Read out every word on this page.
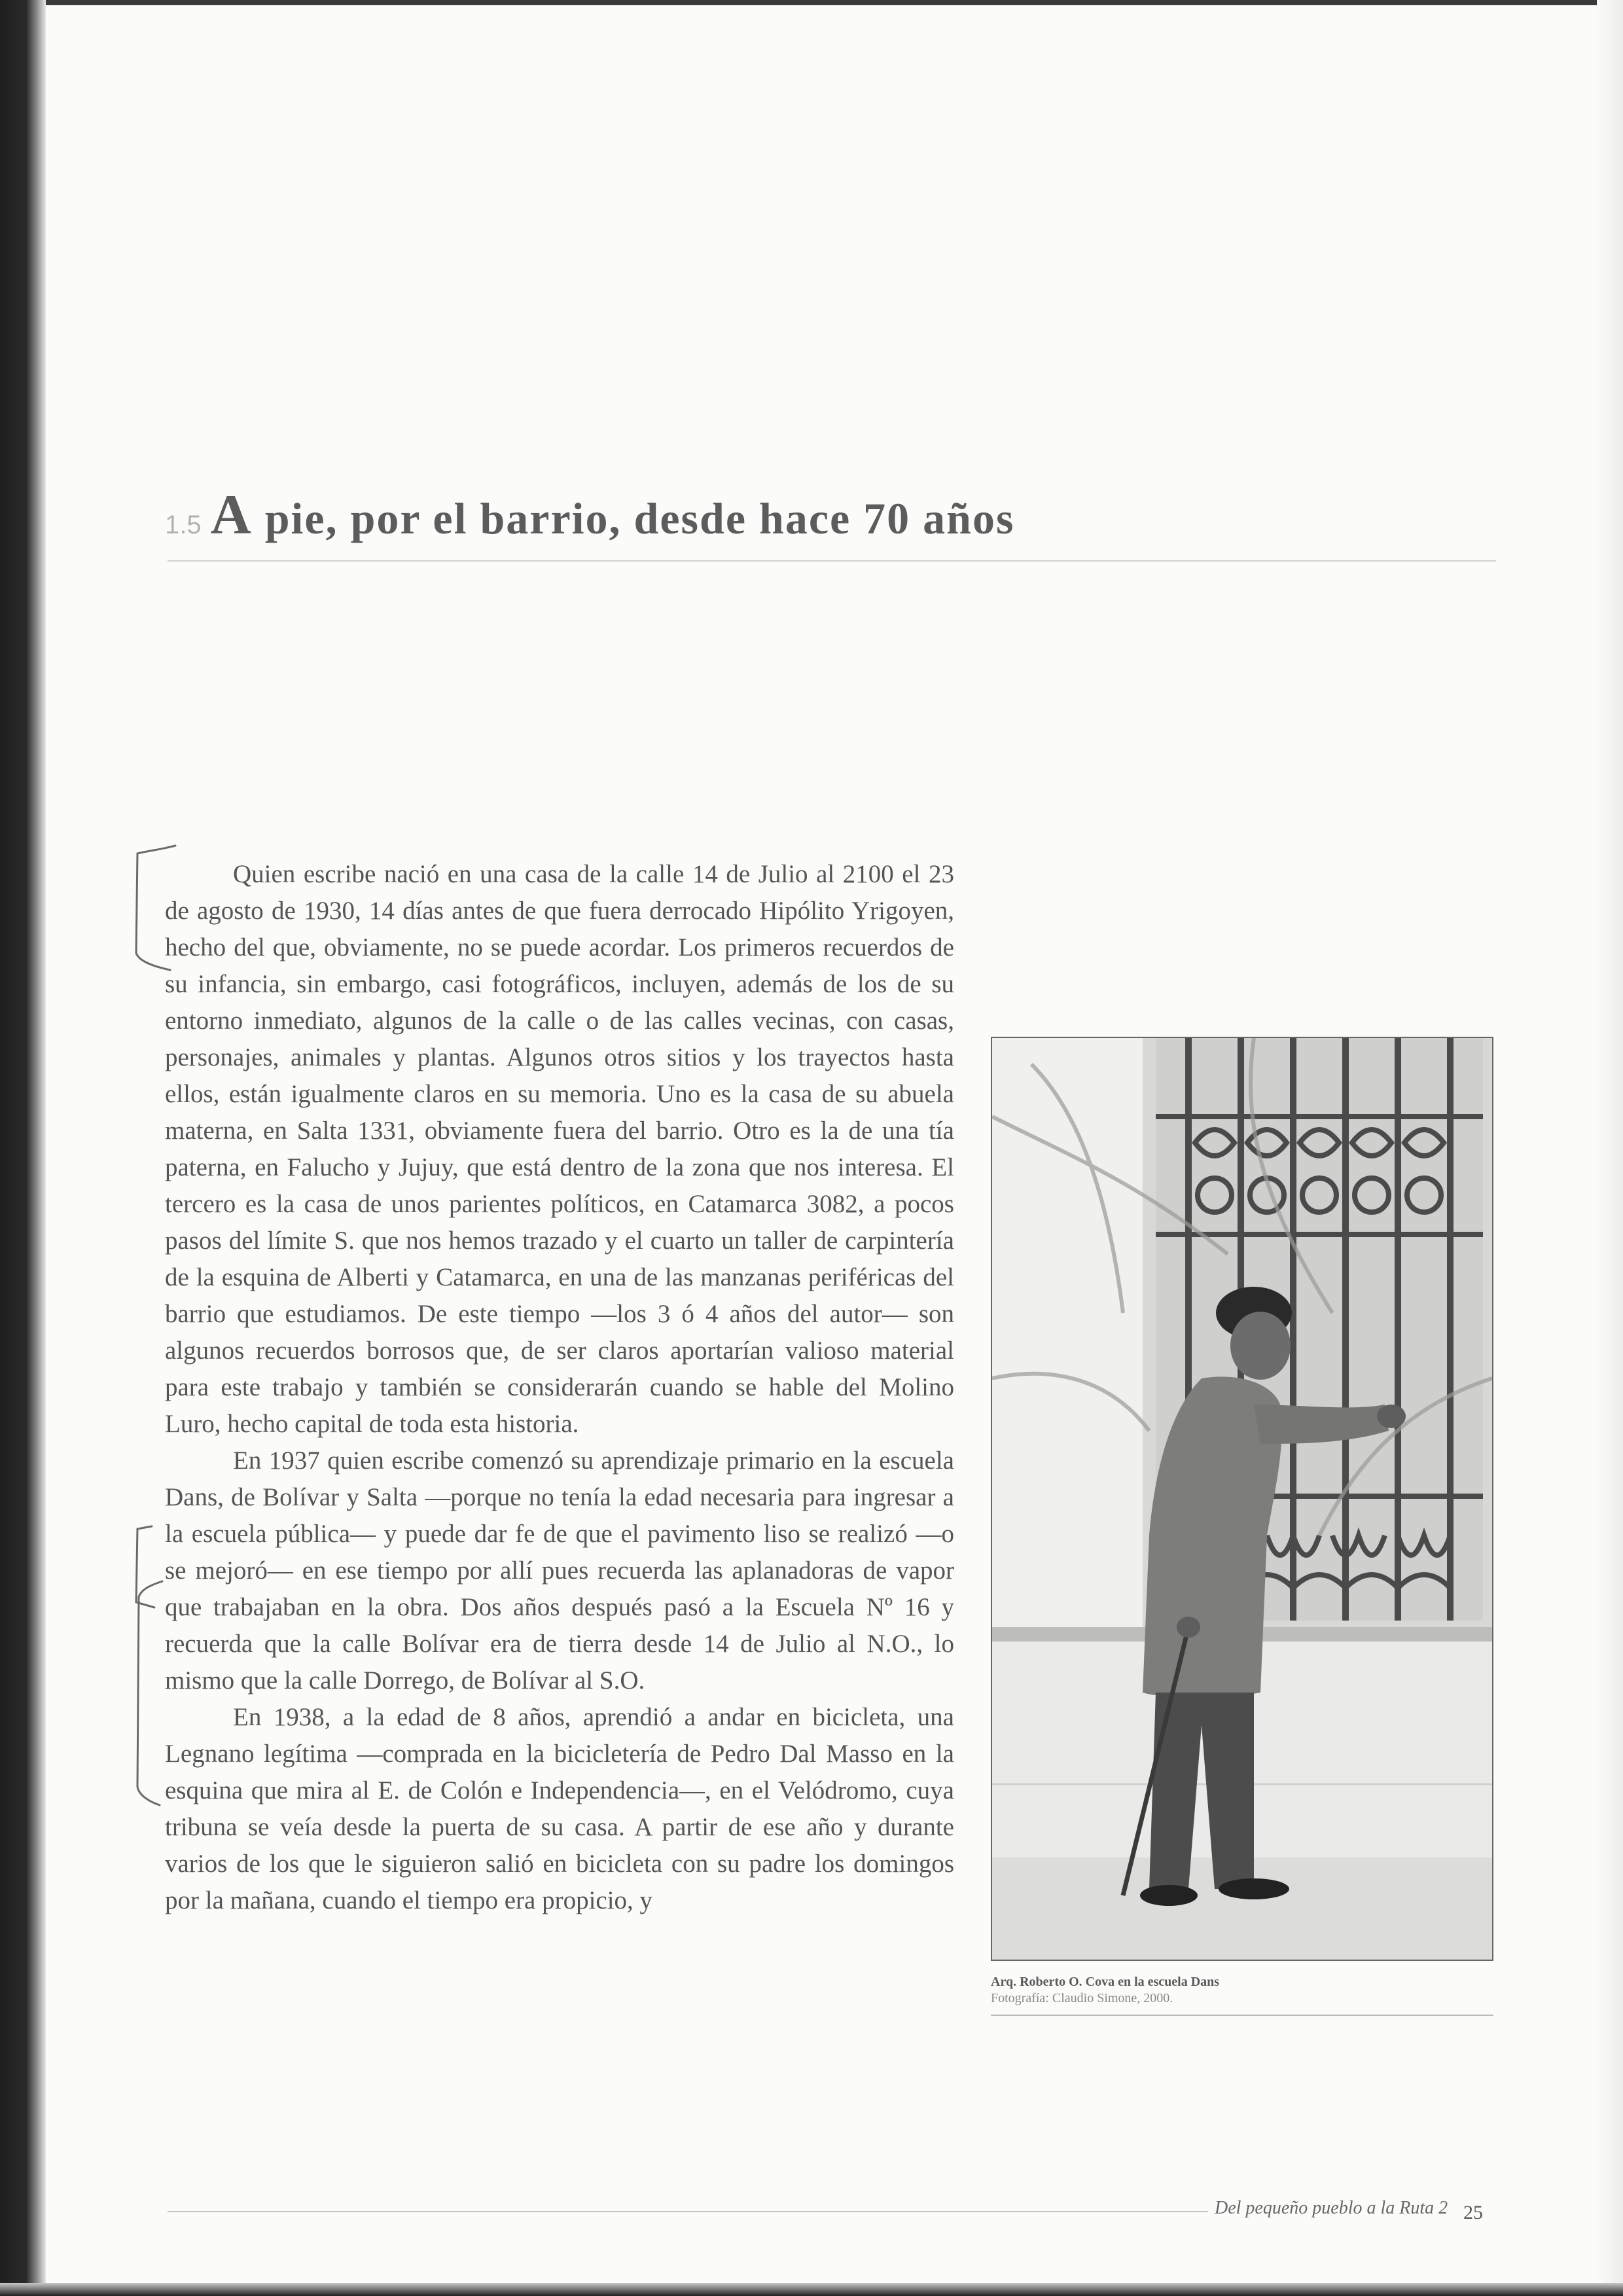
1.5 A pie, por el barrio, desde hace 70 años

Quien escribe nació en una casa de la calle 14 de Julio al 2100 el 23 de agosto de 1930, 14 días antes de que fuera derrocado Hipólito Yrigoyen, hecho del que, obviamente, no se puede acordar. Los primeros recuerdos de su infancia, sin embargo, casi fotográficos, incluyen, además de los de su entorno inmediato, algunos de la calle o de las calles vecinas, con casas, personajes, animales y plantas. Algunos otros sitios y los trayectos hasta ellos, están igualmente claros en su memoria. Uno es la casa de su abuela materna, en Salta 1331, obviamente fuera del barrio. Otro es la de una tía paterna, en Falucho y Jujuy, que está dentro de la zona que nos interesa. El tercero es la casa de unos parientes políticos, en Catamarca 3082, a pocos pasos del límite S. que nos hemos trazado y el cuarto un taller de carpintería de la esquina de Alberti y Catamarca, en una de las manzanas periféricas del barrio que estudiamos. De este tiempo —los 3 ó 4 años del autor— son algunos recuerdos borrosos que, de ser claros aportarían valioso material para este trabajo y también se considerarán cuando se hable del Molino Luro, hecho capital de toda esta historia.

En 1937 quien escribe comenzó su aprendizaje primario en la escuela Dans, de Bolívar y Salta —porque no tenía la edad necesaria para ingresar a la escuela pública— y puede dar fe de que el pavimento liso se realizó —o se mejoró— en ese tiempo por allí pues recuerda las aplanadoras de vapor que trabajaban en la obra. Dos años después pasó a la Escuela Nº 16 y recuerda que la calle Bolívar era de tierra desde 14 de Julio al N.O., lo mismo que la calle Dorrego, de Bolívar al S.O.

En 1938, a la edad de 8 años, aprendió a andar en bicicleta, una Legnano legítima —comprada en la bicicletería de Pedro Dal Masso en la esquina que mira al E. de Colón e Independencia—, en el Velódromo, cuya tribuna se veía desde la puerta de su casa. A partir de ese año y durante varios de los que le siguieron salió en bicicleta con su padre los domingos por la mañana, cuando el tiempo era propicio, y

Arq. Roberto O. Cova en la escuela Dans
Fotografía: Claudio Simone, 2000.
Del pequeño pueblo a la Ruta 2 25
